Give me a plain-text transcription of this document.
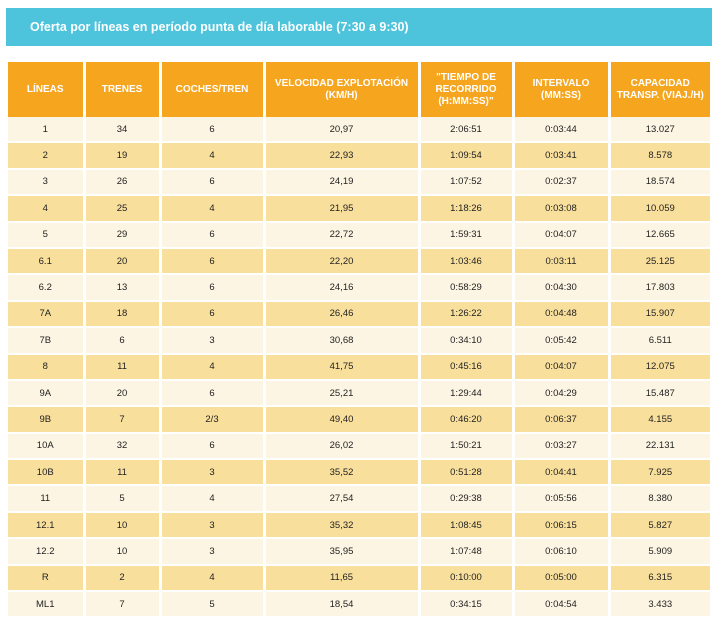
Oferta por líneas en período punta de día laborable (7:30 a 9:30)
LÍNEAS	TRENES	COCHES/TREN	VELOCIDAD EXPLOTACIÓN (KM/H)	"TIEMPO DE RECORRIDO (H:MM:SS)"	INTERVALO (MM:SS)	CAPACIDAD TRANSP. (VIAJ./H)
1	34	6	20,97	2:06:51	0:03:44	13.027
2	19	4	22,93	1:09:54	0:03:41	8.578
3	26	6	24,19	1:07:52	0:02:37	18.574
4	25	4	21,95	1:18:26	0:03:08	10.059
5	29	6	22,72	1:59:31	0:04:07	12.665
6.1	20	6	22,20	1:03:46	0:03:11	25.125
6.2	13	6	24,16	0:58:29	0:04:30	17.803
7A	18	6	26,46	1:26:22	0:04:48	15.907
7B	6	3	30,68	0:34:10	0:05:42	6.511
8	11	4	41,75	0:45:16	0:04:07	12.075
9A	20	6	25,21	1:29:44	0:04:29	15.487
9B	7	2/3	49,40	0:46:20	0:06:37	4.155
10A	32	6	26,02	1:50:21	0:03:27	22.131
10B	11	3	35,52	0:51:28	0:04:41	7.925
11	5	4	27,54	0:29:38	0:05:56	8.380
12.1	10	3	35,32	1:08:45	0:06:15	5.827
12.2	10	3	35,95	1:07:48	0:06:10	5.909
R	2	4	11,65	0:10:00	0:05:00	6.315
ML1	7	5	18,54	0:34:15	0:04:54	3.433
